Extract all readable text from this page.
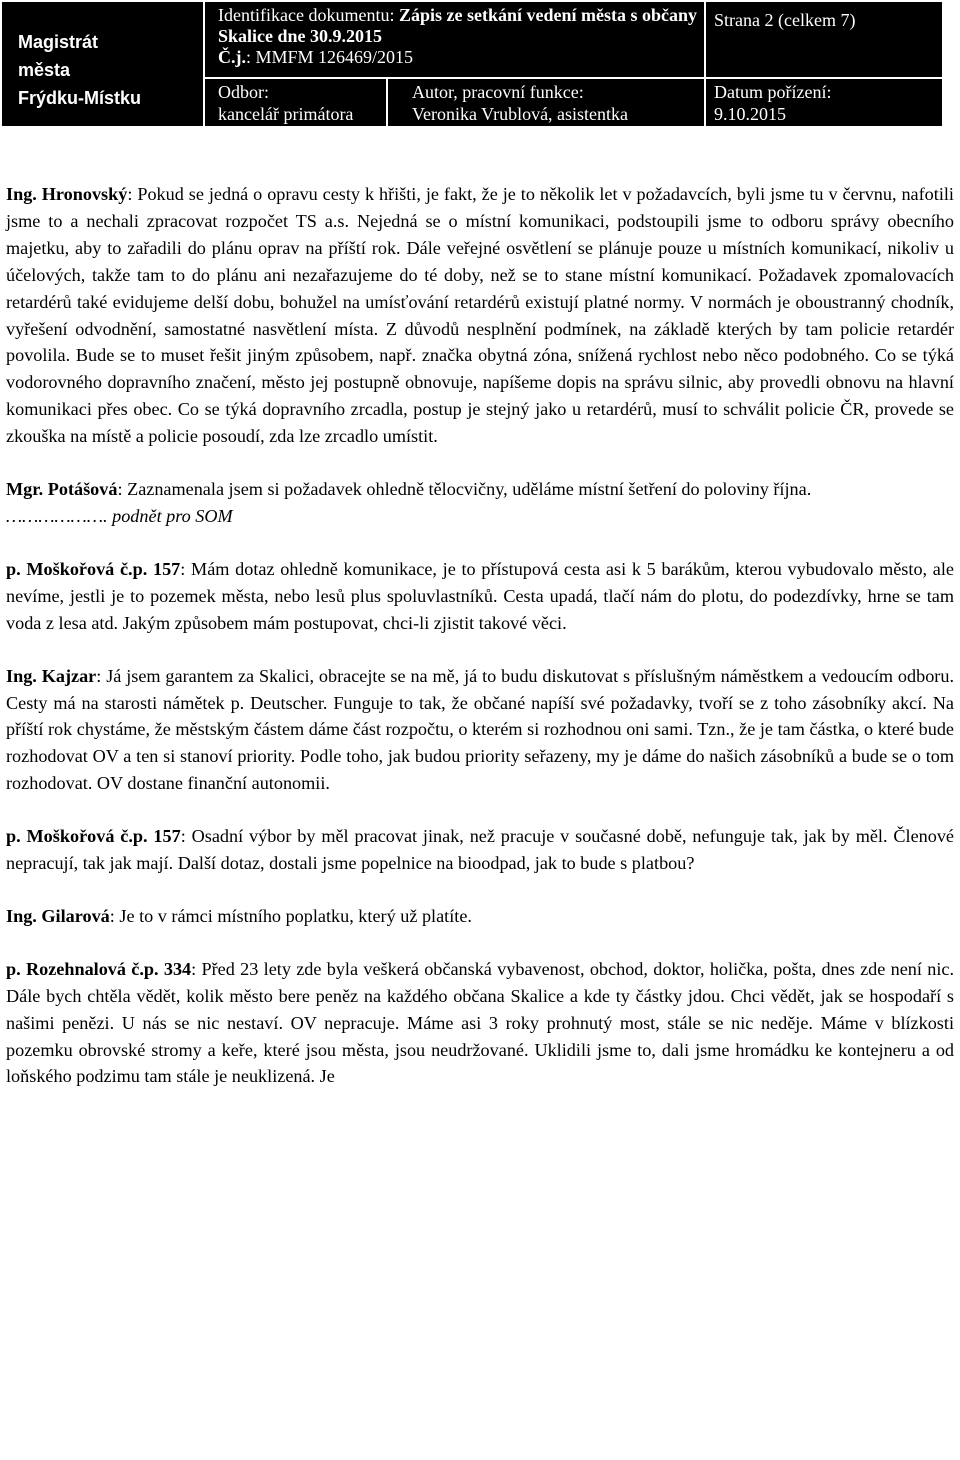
Magistrát
města
Frýdku-Místku
Identifikace dokumentu: Zápis ze setkání vedení města s občany Skalice dne 30.9.2015
Č.j.: MMFM 126469/2015
Strana 2 (celkem 7)
Odbor:
kancelář primátora
Autor, pracovní funkce:
Veronika Vrublová, asistentka
Datum pořízení:
9.10.2015

Ing. Hronovský: Pokud se jedná o opravu cesty k hřišti, je fakt, že je to několik let v požadavcích, byli jsme tu v červnu, nafotili jsme to a nechali zpracovat rozpočet TS a.s. Nejedná se o místní komunikaci, podstoupili jsme to odboru správy obecního majetku, aby to zařadili do plánu oprav na příští rok. Dále veřejné osvětlení se plánuje pouze u místních komunikací, nikoliv u účelových, takže tam to do plánu ani nezařazujeme do té doby, než se to stane místní komunikací. Požadavek zpomalovacích retardérů také evidujeme delší dobu, bohužel na umísťování retardérů existují platné normy. V normách je oboustranný chodník, vyřešení odvodnění, samostatné nasvětlení místa. Z důvodů nesplnění podmínek, na základě kterých by tam policie retardér povolila. Bude se to muset řešit jiným způsobem, např. značka obytná zóna, snížená rychlost nebo něco podobného. Co se týká vodorovného dopravního značení, město jej postupně obnovuje, napíšeme dopis na správu silnic, aby provedli obnovu na hlavní komunikaci přes obec. Co se týká dopravního zrcadla, postup je stejný jako u retardérů, musí to schválit policie ČR, provede se zkouška na místě a policie posoudí, zda lze zrcadlo umístit.

Mgr. Potášová: Zaznamenala jsem si požadavek ohledně tělocvičny, uděláme místní šetření do poloviny října.
………………. podnět pro SOM

p. Moškořová č.p. 157: Mám dotaz ohledně komunikace, je to přístupová cesta asi k 5 barákům, kterou vybudovalo město, ale nevíme, jestli je to pozemek města, nebo lesů plus spoluvlastníků. Cesta upadá, tlačí nám do plotu, do podezdívky, hrne se tam voda z lesa atd. Jakým způsobem mám postupovat, chci-li zjistit takové věci.

Ing. Kajzar: Já jsem garantem za Skalici, obracejte se na mě, já to budu diskutovat s příslušným náměstkem a vedoucím odboru. Cesty má na starosti námětek p. Deutscher. Funguje to tak, že občané napíší své požadavky, tvoří se z toho zásobníky akcí. Na příští rok chystáme, že městským částem dáme část rozpočtu, o kterém si rozhodnou oni sami. Tzn., že je tam částka, o které bude rozhodovat OV a ten si stanoví priority. Podle toho, jak budou priority seřazeny, my je dáme do našich zásobníků a bude se o tom rozhodovat. OV dostane finanční autonomii.

p. Moškořová č.p. 157: Osadní výbor by měl pracovat jinak, než pracuje v současné době, nefunguje tak, jak by měl. Členové nepracují, tak jak mají. Další dotaz, dostali jsme popelnice na bioodpad, jak to bude s platbou?

Ing. Gilarová: Je to v rámci místního poplatku, který už platíte.

p. Rozehnalová č.p. 334: Před 23 lety zde byla veškerá občanská vybavenost, obchod, doktor, holička, pošta, dnes zde není nic. Dále bych chtěla vědět, kolik město bere peněz na každého občana Skalice a kde ty částky jdou. Chci vědět, jak se hospodaří s našimi penězi. U nás se nic nestaví. OV nepracuje. Máme asi 3 roky prohnutý most, stále se nic neděje. Máme v blízkosti pozemku obrovské stromy a keře, které jsou města, jsou neudržované. Uklidili jsme to, dali jsme hromádku ke kontejneru a od loňského podzimu tam stále je neuklizená. Je
